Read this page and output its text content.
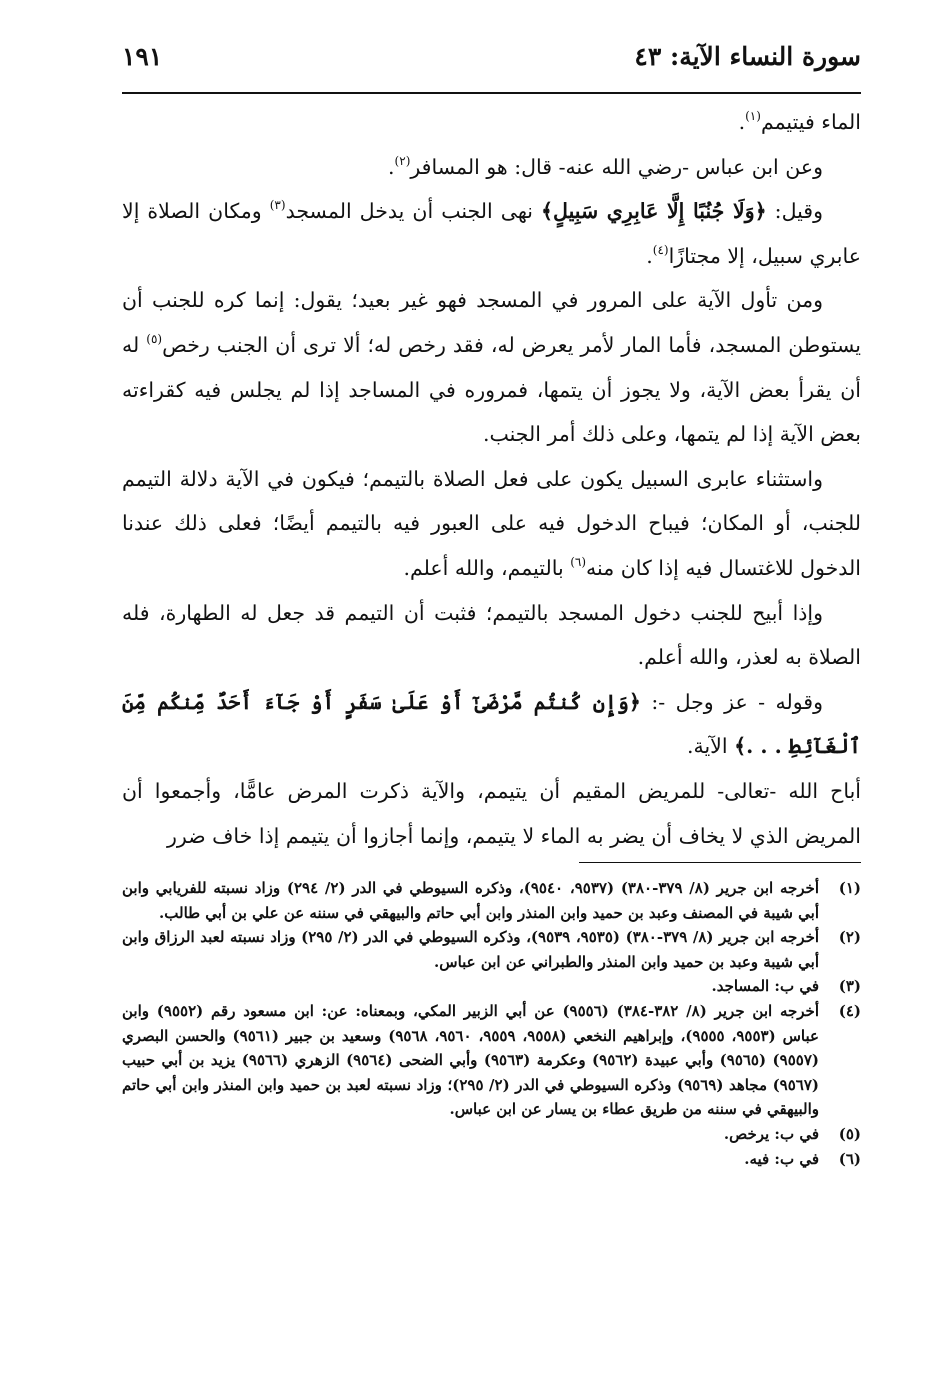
سورة النساء الآية: ٤٣
١٩١

الماء فيتيمم$^{(١)}$.

وعن ابن عباس -رضي الله عنه- قال: هو المسافر$^{(٢)}$.

وقيل: ﴿وَلَا جُنُبًا إِلَّا عَابِرِي سَبِيلٍ﴾ نهى الجنب أن يدخل المسجد$^{(٣)}$ ومكان الصلاة إلا عابري سبيل، إلا مجتازًا$^{(٤)}$.

ومن تأول الآية على المرور في المسجد فهو غير بعيد؛ يقول: إنما كره للجنب أن يستوطن المسجد، فأما المار لأمر يعرض له، فقد رخص له؛ ألا ترى أن الجنب رخص$^{(٥)}$ له أن يقرأ بعض الآية، ولا يجوز أن يتمها، فمروره في المساجد إذا لم يجلس فيه كقراءته بعض الآية إذا لم يتمها، وعلى ذلك أمر الجنب.

واستثناء عابرى السبيل يكون على فعل الصلاة بالتيمم؛ فيكون في الآية دلالة التيمم للجنب، أو المكان؛ فيباح الدخول فيه على العبور فيه بالتيمم أيضًا؛ فعلى ذلك عندنا الدخول للاغتسال فيه إذا كان منه$^{(٦)}$ بالتيمم، والله أعلم.

وإذا أبيح للجنب دخول المسجد بالتيمم؛ فثبت أن التيمم قد جعل له الطهارة، فله الصلاة به لعذر، والله أعلم.

وقوله - عز وجل -: ﴿وَإِن كُنتُم مَّرْضَىٰٓ أَوْ عَلَىٰ سَفَرٍ أَوْ جَآءَ أَحَدٌ مِّنكُم مِّنَ ٱلْغَآئِطِ . . .﴾ الآية.

أباح الله -تعالى- للمريض المقيم أن يتيمم، والآية ذكرت المرض عامًّا، وأجمعوا أن المريض الذي لا يخاف أن يضر به الماء لا يتيمم، وإنما أجازوا أن يتيمم إذا خاف ضرر

(١)
أخرجه ابن جرير (٨/ ٣٧٩-٣٨٠) (٩٥٣٧، ٩٥٤٠)، وذكره السيوطي في الدر (٢/ ٢٩٤) وزاد نسبته للفريابي وابن أبي شيبة في المصنف وعبد بن حميد وابن المنذر وابن أبي حاتم والبيهقي في سننه عن علي بن أبي طالب.
(٢)
أخرجه ابن جرير (٨/ ٣٧٩-٣٨٠) (٩٥٣٥، ٩٥٣٩)، وذكره السيوطي في الدر (٢/ ٢٩٥) وزاد نسبته لعبد الرزاق وابن أبي شيبة وعبد بن حميد وابن المنذر والطبراني عن ابن عباس.
(٣)
في ب: المساجد.
(٤)
أخرجه ابن جرير (٨/ ٣٨٢-٣٨٤) (٩٥٥٦) عن أبي الزبير المكي، وبمعناه: عن: ابن مسعود رقم (٩٥٥٢) وابن عباس (٩٥٥٣، ٩٥٥٥)، وإبراهيم النخعي (٩٥٥٨، ٩٥٥٩، ٩٥٦٠، ٩٥٦٨) وسعيد بن جبير (٩٥٦١) والحسن البصري (٩٥٥٧) (٩٥٦٥) وأبي عبيدة (٩٥٦٢) وعكرمة (٩٥٦٣) وأبي الضحى (٩٥٦٤) الزهري (٩٥٦٦) يزيد بن أبي حبيب (٩٥٦٧) مجاهد (٩٥٦٩) وذكره السيوطي في الدر (٢/ ٢٩٥)؛ وزاد نسبته لعبد بن حميد وابن المنذر وابن أبي حاتم والبيهقي في سننه من طريق عطاء بن يسار عن ابن عباس.
(٥)
في ب: يرخص.
(٦)
في ب: فيه.
